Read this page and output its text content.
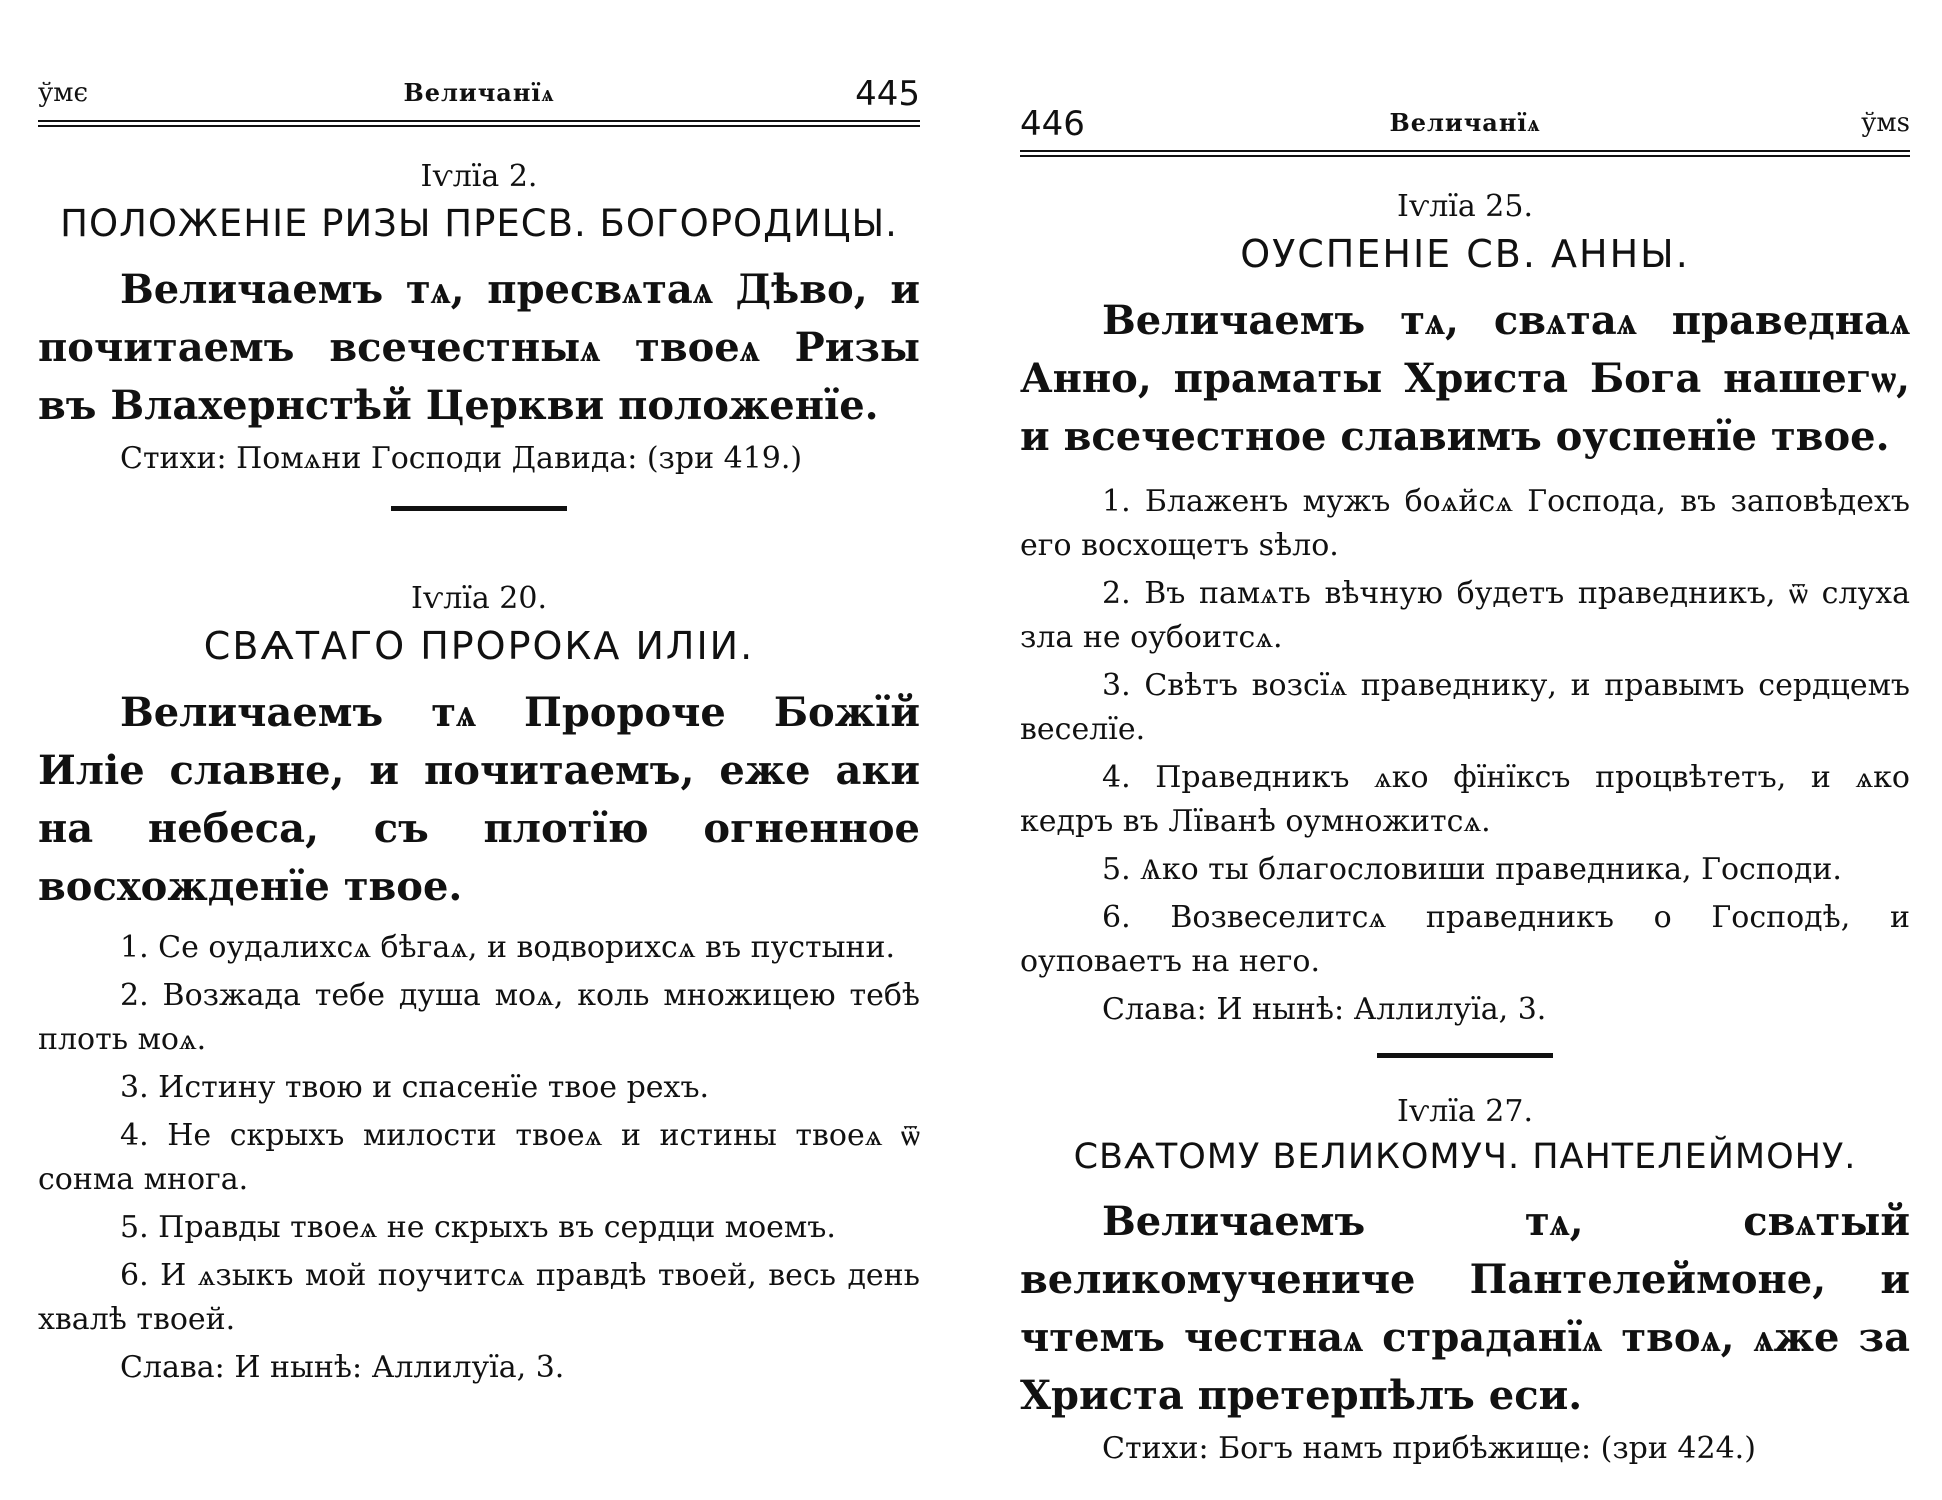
ўмє	Величанїѧ	445
Іѵлїа 2.
ПОЛОЖЕНІЕ РИЗЫ ПРЕСВ. БОГОРОДИЦЫ.
Величаемъ тѧ, пресвѧтаѧ Дѣво, и почитаемъ всечестныѧ твоеѧ Ризы въ Влахернстѣй Церкви положенїе.
Стихи: Помѧни Господи Давида: (зри 419.)
Іѵлїа 20.
СВѦТАГО ПРОРОКА ИЛІИ.
Величаемъ тѧ Пророче Божїй Иліе славне, и почитаемъ, еже аки на небеса, съ плотїю огненное восхожденїе твое.
1. Се оудалихсѧ бѣгаѧ, и водворихсѧ въ пустыни.
2. Возжада тебе душа моѧ, коль множицею тебѣ плоть моѧ.
3. Истину твою и спасенїе твое рехъ.
4. Не скрыхъ милости твоеѧ и истины твоеѧ ѿ сонма многа.
5. Правды твоеѧ не скрыхъ въ сердци моемъ.
6. И ѧзыкъ мой поучитсѧ правдѣ твоей, весь день хвалѣ твоей.
Слава: И нынѣ: Аллилуїа, 3.
446	Величанїѧ	ўмѕ
Іѵлїа 25.
ОУСПЕНІЕ СВ. АННЫ.
Величаемъ тѧ, свѧтаѧ праведнаѧ Анно, праматы Христа Бога нашегѡ, и всечестное славимъ оуспенїе твое.
1. Блаженъ мужъ боѧйсѧ Господа, въ заповѣдехъ его восхощетъ ѕѣло.
2. Въ памѧть вѣчную будетъ праведникъ, ѿ слуха зла не оубоитсѧ.
3. Свѣтъ возсїѧ праведнику, и правымъ сердцемъ веселїе.
4. Праведникъ ѧко фїнїксъ процвѣтетъ, и ѧко кедръ въ Лїванѣ оумножитсѧ.
5. Ѧко ты благословиши праведника, Господи.
6. Возвеселитсѧ праведникъ о Господѣ, и оуповаетъ на него.
Слава: И нынѣ: Аллилуїа, 3.
Іѵлїа 27.
СВѦТОМУ ВЕЛИКОМУЧ. ПАНТЕЛЕЙМОНУ.
Величаемъ тѧ, свѧтый великомучениче Пантелеймоне, и чтемъ честнаѧ страданїѧ твоѧ, ѧже за Христа претерпѣлъ еси.
Стихи: Богъ намъ прибѣжище: (зри 424.)
